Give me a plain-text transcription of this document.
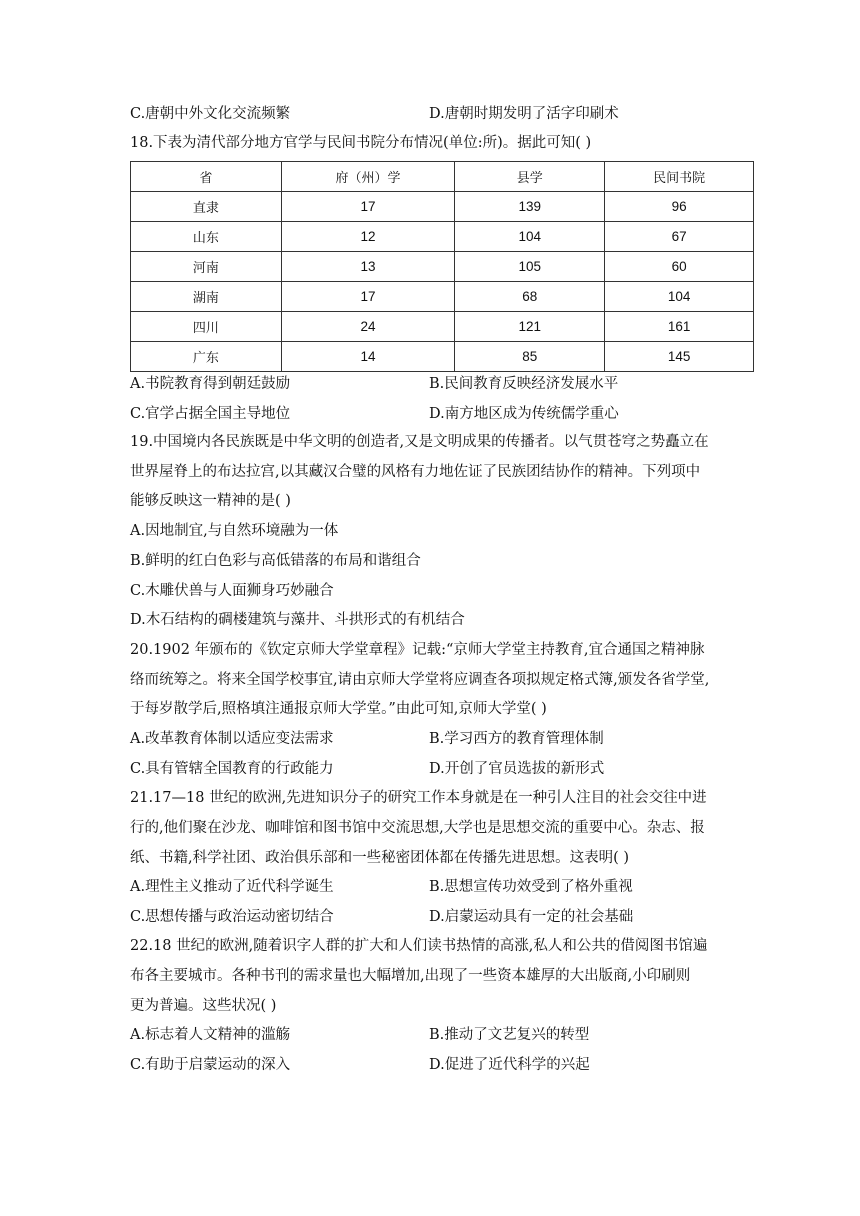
C.唐朝中外文化交流频繁	D.唐朝时期发明了活字印刷术
18.下表为清代部分地方官学与民间书院分布情况(单位:所)。据此可知( )
省	府（州）学	县学	民间书院
直隶	17	139	96
山东	12	104	67
河南	13	105	60
湖南	17	68	104
四川	24	121	161
广东	14	85	145
A.书院教育得到朝廷鼓励	B.民间教育反映经济发展水平
C.官学占据全国主导地位	D.南方地区成为传统儒学重心
19.中国境内各民族既是中华文明的创造者,又是文明成果的传播者。以气贯苍穹之势矗立在
世界屋脊上的布达拉宫,以其藏汉合璧的风格有力地佐证了民族团结协作的精神。下列项中
能够反映这一精神的是( )
A.因地制宜,与自然环境融为一体
B.鲜明的红白色彩与高低错落的布局和谐组合
C.木雕伏兽与人面狮身巧妙融合
D.木石结构的碉楼建筑与藻井、斗拱形式的有机结合
20.1902 年颁布的《钦定京师大学堂章程》记载:“京师大学堂主持教育,宜合通国之精神脉
络而统筹之。将来全国学校事宜,请由京师大学堂将应调查各项拟规定格式簿,颁发各省学堂,
于每岁散学后,照格填注通报京师大学堂。”由此可知,京师大学堂( )
A.改革教育体制以适应变法需求	B.学习西方的教育管理体制
C.具有管辖全国教育的行政能力	D.开创了官员选拔的新形式
21.17—18 世纪的欧洲,先进知识分子的研究工作本身就是在一种引人注目的社会交往中进
行的,他们聚在沙龙、咖啡馆和图书馆中交流思想,大学也是思想交流的重要中心。杂志、报
纸、书籍,科学社团、政治俱乐部和一些秘密团体都在传播先进思想。这表明( )
A.理性主义推动了近代科学诞生	B.思想宣传功效受到了格外重视
C.思想传播与政治运动密切结合	D.启蒙运动具有一定的社会基础
22.18 世纪的欧洲,随着识字人群的扩大和人们读书热情的高涨,私人和公共的借阅图书馆遍
布各主要城市。各种书刊的需求量也大幅增加,出现了一些资本雄厚的大出版商,小印刷则
更为普遍。这些状况( )
A.标志着人文精神的滥觞	B.推动了文艺复兴的转型
C.有助于启蒙运动的深入	D.促进了近代科学的兴起
